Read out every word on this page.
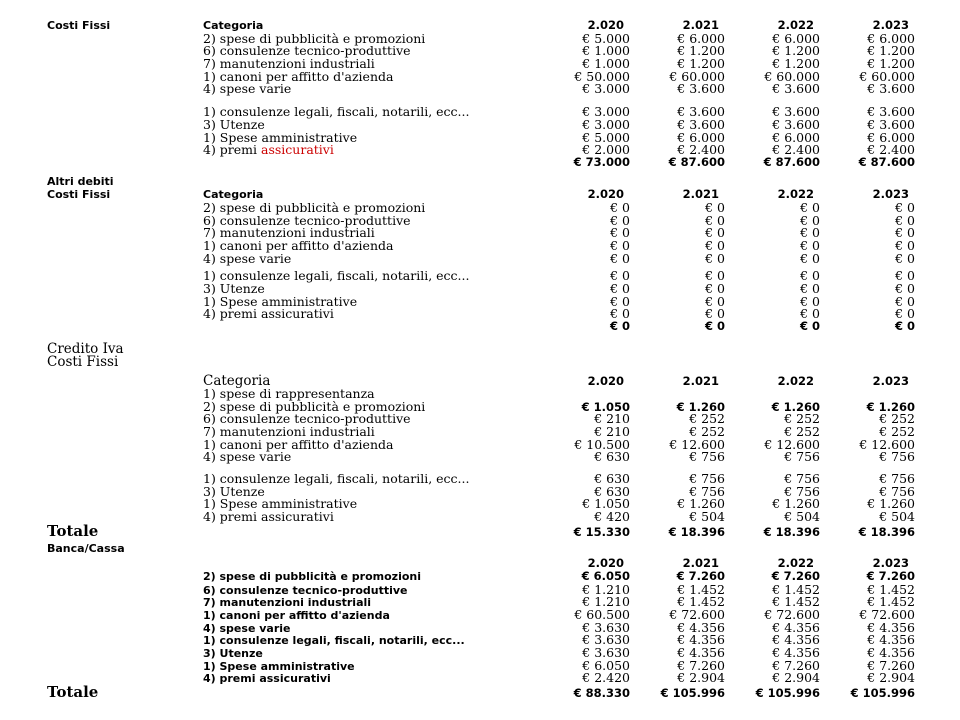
Costi Fissi	Categoria	2.020	2.021	2.022	2.023
2) spese di pubblicità e promozioni	€ 5.000	€ 6.000	€ 6.000	€ 6.000
6) consulenze tecnico-produttive	€ 1.000	€ 1.200	€ 1.200	€ 1.200
7) manutenzioni industriali	€ 1.000	€ 1.200	€ 1.200	€ 1.200
1) canoni per affitto d'azienda	€ 50.000	€ 60.000	€ 60.000	€ 60.000
4) spese varie	€ 3.000	€ 3.600	€ 3.600	€ 3.600
1) consulenze legali, fiscali, notarili, ecc...	€ 3.000	€ 3.600	€ 3.600	€ 3.600
3) Utenze	€ 3.000	€ 3.600	€ 3.600	€ 3.600
1) Spese amministrative	€ 5.000	€ 6.000	€ 6.000	€ 6.000
4) premi assicurativi	€ 2.000	€ 2.400	€ 2.400	€ 2.400
€ 73.000	€ 87.600	€ 87.600	€ 87.600
Altri debiti
Costi Fissi	Categoria	2.020	2.021	2.022	2.023
2) spese di pubblicità e promozioni	€ 0	€ 0	€ 0	€ 0
6) consulenze tecnico-produttive	€ 0	€ 0	€ 0	€ 0
7) manutenzioni industriali	€ 0	€ 0	€ 0	€ 0
1) canoni per affitto d'azienda	€ 0	€ 0	€ 0	€ 0
4) spese varie	€ 0	€ 0	€ 0	€ 0
1) consulenze legali, fiscali, notarili, ecc...	€ 0	€ 0	€ 0	€ 0
3) Utenze	€ 0	€ 0	€ 0	€ 0
1) Spese amministrative	€ 0	€ 0	€ 0	€ 0
4) premi assicurativi	€ 0	€ 0	€ 0	€ 0
€ 0	€ 0	€ 0	€ 0
Credito Iva
Costi Fissi
Categoria	2.020	2.021	2.022	2.023
1) spese di rappresentanza
2) spese di pubblicità e promozioni	€ 1.050	€ 1.260	€ 1.260	€ 1.260
6) consulenze tecnico-produttive	€ 210	€ 252	€ 252	€ 252
7) manutenzioni industriali	€ 210	€ 252	€ 252	€ 252
1) canoni per affitto d'azienda	€ 10.500	€ 12.600	€ 12.600	€ 12.600
4) spese varie	€ 630	€ 756	€ 756	€ 756
1) consulenze legali, fiscali, notarili, ecc...	€ 630	€ 756	€ 756	€ 756
3) Utenze	€ 630	€ 756	€ 756	€ 756
1) Spese amministrative	€ 1.050	€ 1.260	€ 1.260	€ 1.260
4) premi assicurativi	€ 420	€ 504	€ 504	€ 504
Totale	€ 15.330	€ 18.396	€ 18.396	€ 18.396
Banca/Cassa
2.020	2.021	2.022	2.023
2) spese di pubblicità e promozioni	€ 6.050	€ 7.260	€ 7.260	€ 7.260
6) consulenze tecnico-produttive	€ 1.210	€ 1.452	€ 1.452	€ 1.452
7) manutenzioni industriali	€ 1.210	€ 1.452	€ 1.452	€ 1.452
1) canoni per affitto d'azienda	€ 60.500	€ 72.600	€ 72.600	€ 72.600
4) spese varie	€ 3.630	€ 4.356	€ 4.356	€ 4.356
1) consulenze legali, fiscali, notarili, ecc...	€ 3.630	€ 4.356	€ 4.356	€ 4.356
3) Utenze	€ 3.630	€ 4.356	€ 4.356	€ 4.356
1) Spese amministrative	€ 6.050	€ 7.260	€ 7.260	€ 7.260
4) premi assicurativi	€ 2.420	€ 2.904	€ 2.904	€ 2.904
Totale	€ 88.330	€ 105.996	€ 105.996	€ 105.996
